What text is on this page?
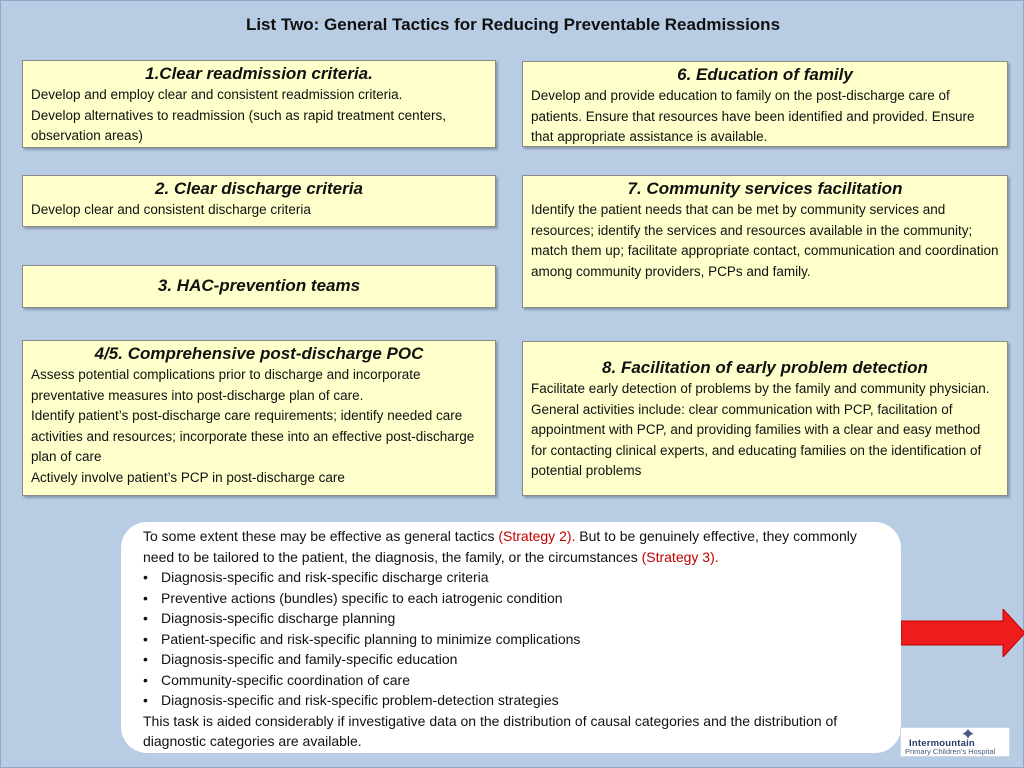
List Two: General Tactics for Reducing Preventable Readmissions
1.Clear readmission criteria.
Develop and employ clear and consistent readmission criteria.
Develop alternatives to readmission (such as rapid treatment centers, observation areas)
2. Clear discharge criteria
Develop clear and consistent discharge criteria
3. HAC-prevention teams
4/5. Comprehensive post-discharge POC
Assess potential complications prior to discharge and incorporate preventative measures into post-discharge plan of care.
Identify patient’s post-discharge care requirements; identify needed care activities and resources; incorporate these into an effective post-discharge plan of care
Actively involve patient’s PCP in post-discharge care
6. Education of family
Develop and provide education to family on the post-discharge care of patients. Ensure that resources have been identified and provided. Ensure that appropriate assistance is available.
7. Community services facilitation
Identify the patient needs that can be met by community services and resources; identify the services and resources available in the community; match them up; facilitate appropriate contact, communication and coordination among community providers, PCPs and family.
8. Facilitation of early problem detection
Facilitate early detection of problems by the family and community physician. General activities include: clear communication with PCP, facilitation of appointment with PCP, and providing families with a clear and easy method for contacting clinical experts, and educating families on the identification of potential problems
To some extent these may be effective as general tactics (Strategy 2). But to be genuinely effective, they commonly need to be tailored to the patient, the diagnosis, the family, or the circumstances (Strategy 3).
• Diagnosis-specific and risk-specific discharge criteria
• Preventive actions (bundles) specific to each iatrogenic condition
• Diagnosis-specific discharge planning
• Patient-specific and risk-specific planning to minimize complications
• Diagnosis-specific and family-specific education
• Community-specific coordination of care
• Diagnosis-specific and risk-specific problem-detection strategies
This task is aided considerably if investigative data on the distribution of causal categories and the distribution of diagnostic categories are available.	Intermountain
Primary Children’s Hospital
